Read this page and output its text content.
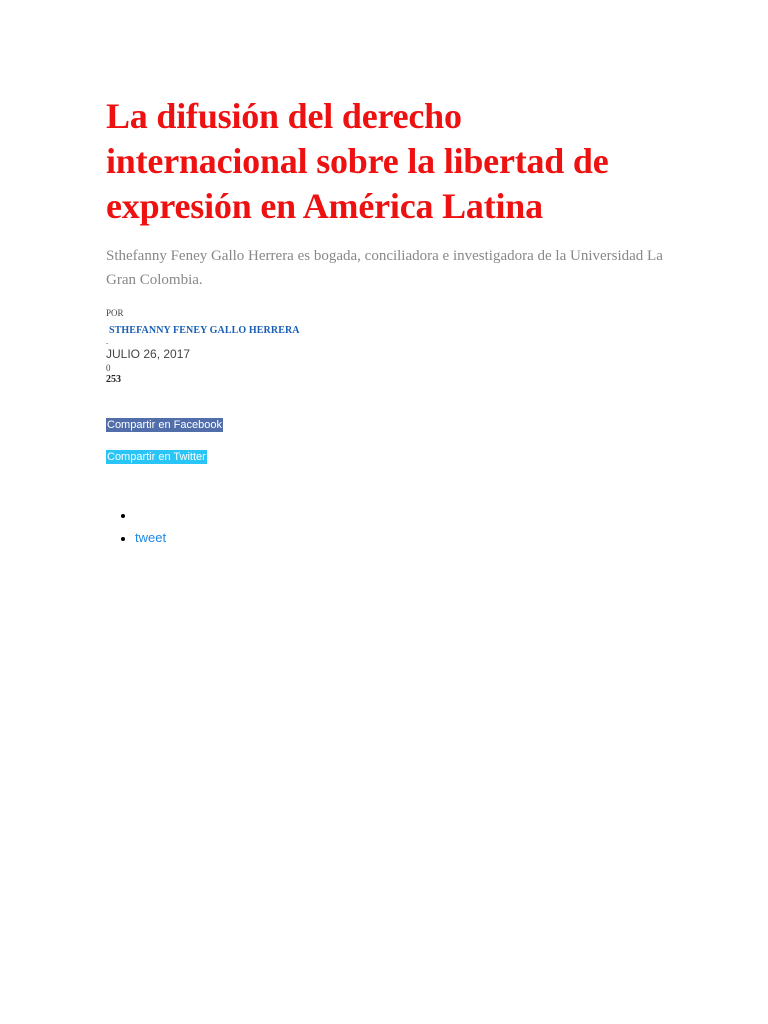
La difusión del derecho internacional sobre la libertad de expresión en América Latina
Sthefanny Feney Gallo Herrera es bogada, conciliadora e investigadora de la Universidad La Gran Colombia.
POR
STHEFANNY FENEY GALLO HERRERA
-
JULIO 26, 2017
0
253
Compartir en Facebook
Compartir en Twitter
•
• tweet
